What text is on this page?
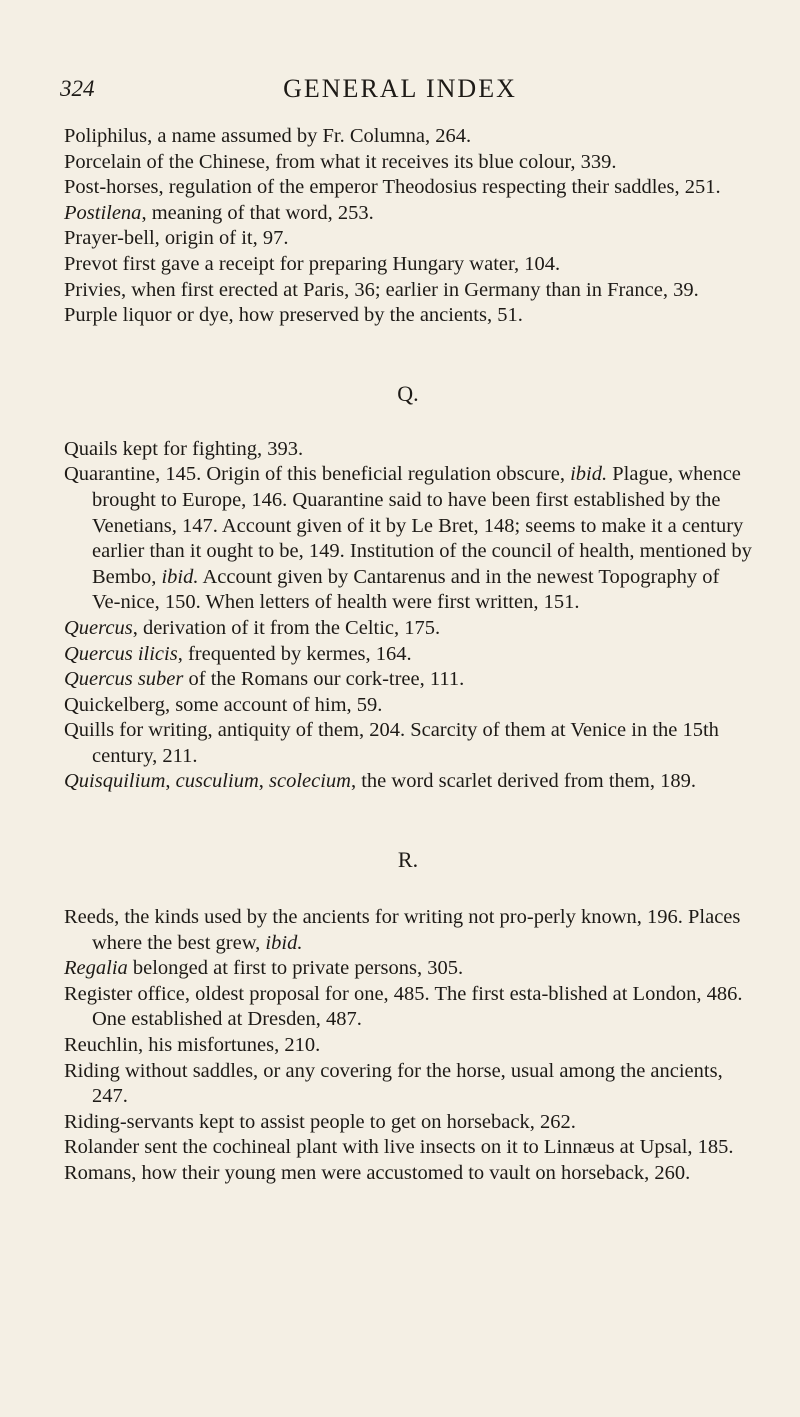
324	GENERAL INDEX

Poliphilus, a name assumed by Fr. Columna, 264.

Porcelain of the Chinese, from what it receives its blue colour, 339.

Post-horses, regulation of the emperor Theodosius respecting their saddles, 251.

Postilena, meaning of that word, 253.

Prayer-bell, origin of it, 97.

Prevot first gave a receipt for preparing Hungary water, 104.

Privies, when first erected at Paris, 36; earlier in Germany than in France, 39.

Purple liquor or dye, how preserved by the ancients, 51.

Q.

Quails kept for fighting, 393.

Quarantine, 145. Origin of this beneficial regulation obscure, ibid. Plague, whence brought to Europe, 146. Quarantine said to have been first established by the Venetians, 147. Account given of it by Le Bret, 148; seems to make it a century earlier than it ought to be, 149. Institution of the council of health, mentioned by Bembo, ibid. Account given by Cantarenus and in the newest Topography of Ve-nice, 150. When letters of health were first written, 151.

Quercus, derivation of it from the Celtic, 175.

Quercus ilicis, frequented by kermes, 164.

Quercus suber of the Romans our cork-tree, 111.

Quickelberg, some account of him, 59.

Quills for writing, antiquity of them, 204. Scarcity of them at Venice in the 15th century, 211.

Quisquilium, cusculium, scolecium, the word scarlet derived from them, 189.

R.

Reeds, the kinds used by the ancients for writing not pro-perly known, 196. Places where the best grew, ibid.

Regalia belonged at first to private persons, 305.

Register office, oldest proposal for one, 485. The first esta-blished at London, 486. One established at Dresden, 487.

Reuchlin, his misfortunes, 210.

Riding without saddles, or any covering for the horse, usual among the ancients, 247.

Riding-servants kept to assist people to get on horseback, 262.

Rolander sent the cochineal plant with live insects on it to Linnæus at Upsal, 185.

Romans, how their young men were accustomed to vault on horseback, 260.
